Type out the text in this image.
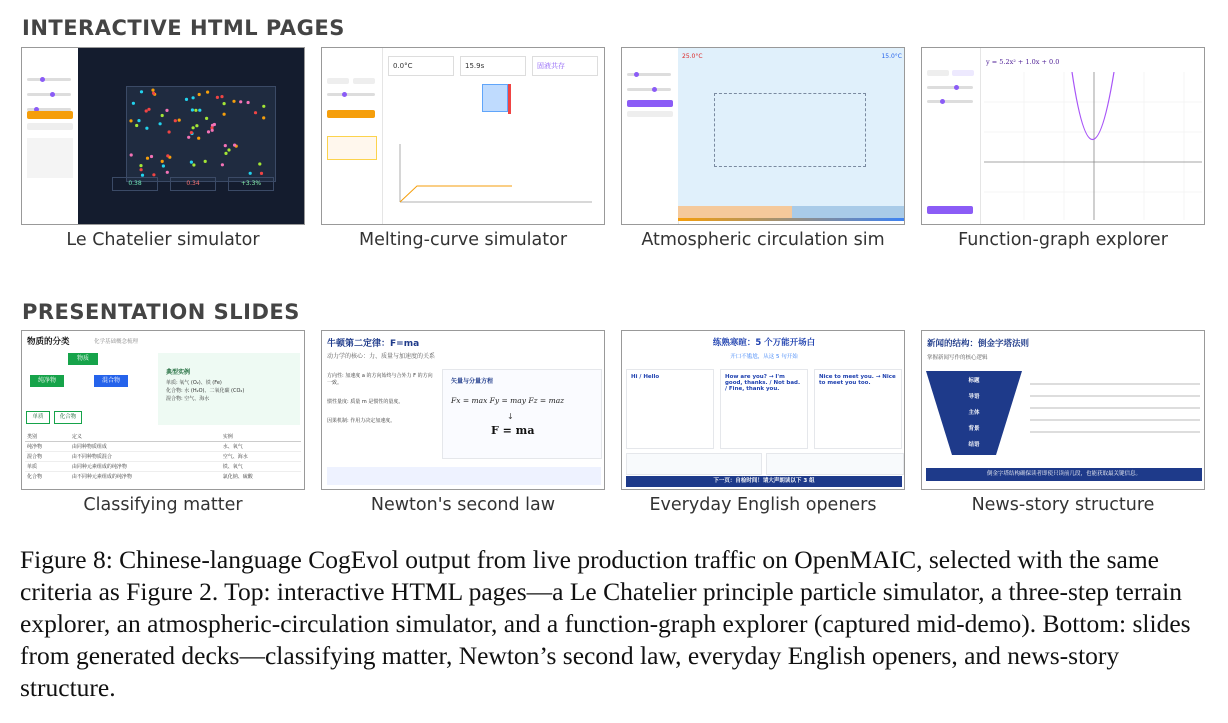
INTERACTIVE HTML PAGES
PRESENTATION SLIDES
0.38	0.34	+3.3%
Le Chatelier simulator
0.0°C	15.9s	固液共存
Melting-curve simulator
25.0°C	15.0°C
Atmospheric circulation sim
y = 5.2x² + 1.0x + 0.0
Function-graph explorer
物质的分类	化学基础概念梳理
物质
纯净物	混合物
单质	化合物
典型实例
单质: 氧气 (O₂)、铁 (Fe)
化合物: 水 (H₂O)、二氧化碳 (CO₂)
混合物: 空气、海水
类别	定义	实例
纯净物	由同种物质组成	水、氧气
混合物	由不同种物质混合	空气、海水
单质	由同种元素组成的纯净物	铁、氧气
化合物	由不同种元素组成的纯净物	氯化钠、硫酸
Classifying matter
牛顿第二定律：F=ma
动力学的核心：力、质量与加速度的关系
方向性: 加速度 a 的方向始终与合外力 F 的方向一致。
惯性量度: 质量 m 是惯性的量度。
因果机制: 作用力决定加速度。
矢量与分量方程
Fx = max Fy = may Fz = maz
↓
F = ma
Newton's second law
练熟寒暄：5 个万能开场白
开口不尴尬，从这 5 句开始
Hi / Hello	How are you? → I'm good, thanks. / Not bad. / Fine, thank you.
Nice to meet you. → Nice to meet you too.
下一页：自检时间！请大声朗读以下 3 组
Everyday English openers
新闻的结构：倒金字塔法则
掌握新闻写作的核心逻辑
标题
导语
主体
背景
结语
倒金字塔结构确保读者即使只读前几段，也能获取最关键信息。
News-story structure
Figure 8: Chinese-language CogEvol output from live production traffic on OpenMAIC, selected with the same criteria as Figure 2. Top: interactive HTML pages—a Le Chatelier principle particle simulator, a three-step terrain explorer, an atmospheric-circulation simulator, and a function-graph explorer (captured mid-demo). Bottom: slides from generated decks—classifying matter, Newton’s second law, everyday English openers, and news-story structure.
